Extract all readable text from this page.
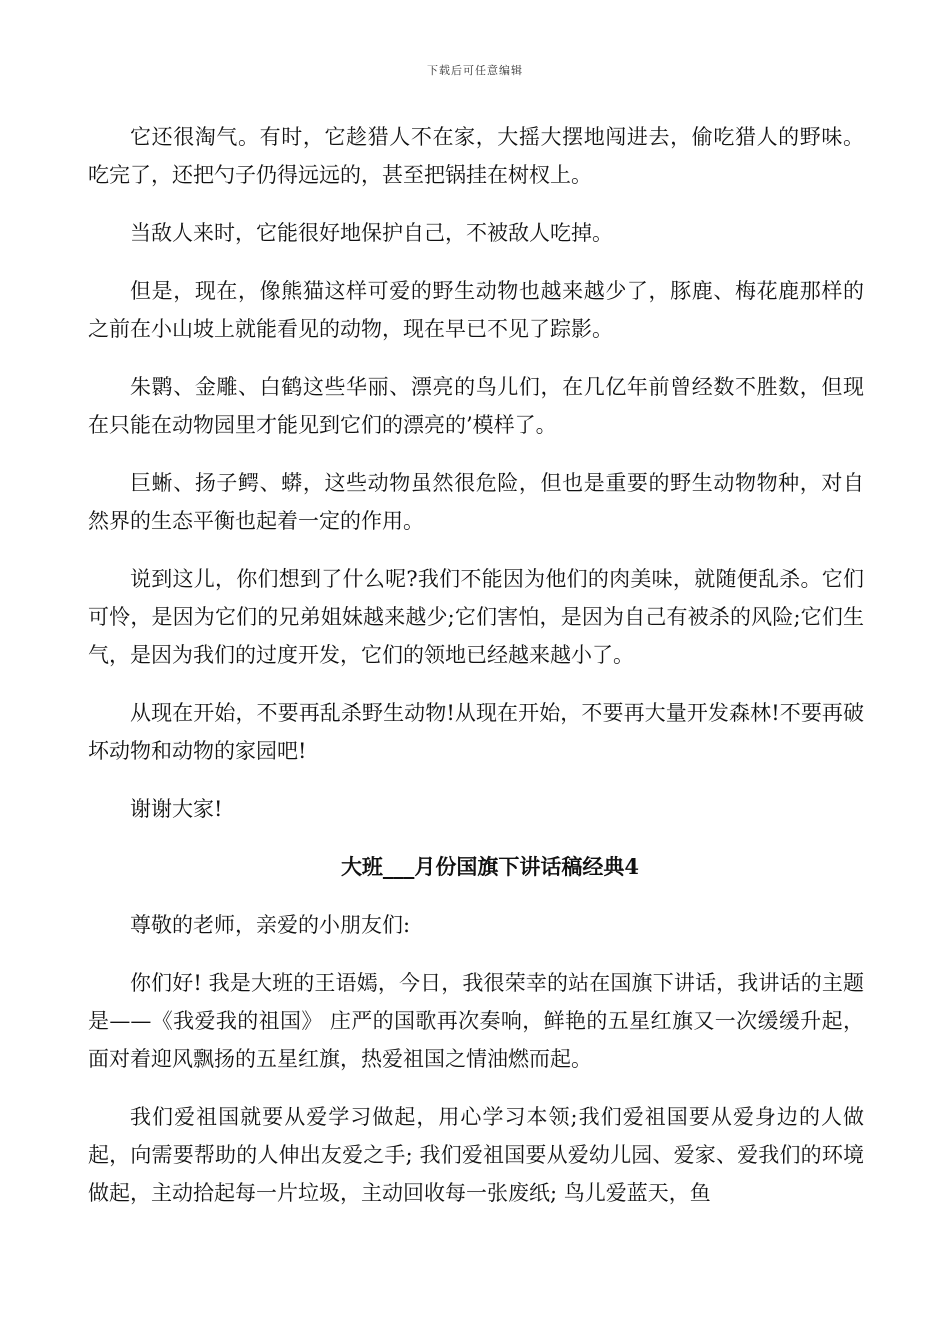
下载后可任意编辑

它还很淘气。有时，它趁猎人不在家，大摇大摆地闯进去，偷吃猎人的野味。吃完了，还把勺子仍得远远的，甚至把锅挂在树杈上。

当敌人来时，它能很好地保护自己，不被敌人吃掉。

但是，现在，像熊猫这样可爱的野生动物也越来越少了，豚鹿、梅花鹿那样的之前在小山坡上就能看见的动物，现在早已不见了踪影。

朱鹮、金雕、白鹤这些华丽、漂亮的鸟儿们，在几亿年前曾经数不胜数，但现在只能在动物园里才能见到它们的漂亮的’模样了。

巨蜥、扬子鳄、蟒，这些动物虽然很危险，但也是重要的野生动物物种，对自然界的生态平衡也起着一定的作用。

说到这儿，你们想到了什么呢?我们不能因为他们的肉美味，就随便乱杀。它们可怜，是因为它们的兄弟姐妹越来越少;它们害怕，是因为自己有被杀的风险;它们生气，是因为我们的过度开发，它们的领地已经越来越小了。

从现在开始，不要再乱杀野生动物!从现在开始，不要再大量开发森林!不要再破坏动物和动物的家园吧!

谢谢大家!

大班___月份国旗下讲话稿经典4

尊敬的老师，亲爱的小朋友们:

你们好! 我是大班的王语嫣，今日，我很荣幸的站在国旗下讲话，我讲话的主题是——《我爱我的祖国》 庄严的国歌再次奏响，鲜艳的五星红旗又一次缓缓升起，面对着迎风飘扬的五星红旗，热爱祖国之情油燃而起。

我们爱祖国就要从爱学习做起，用心学习本领;我们爱祖国要从爱身边的人做起，向需要帮助的人伸出友爱之手; 我们爱祖国要从爱幼儿园、爱家、爱我们的环境做起，主动拾起每一片垃圾，主动回收每一张废纸; 鸟儿爱蓝天，鱼
